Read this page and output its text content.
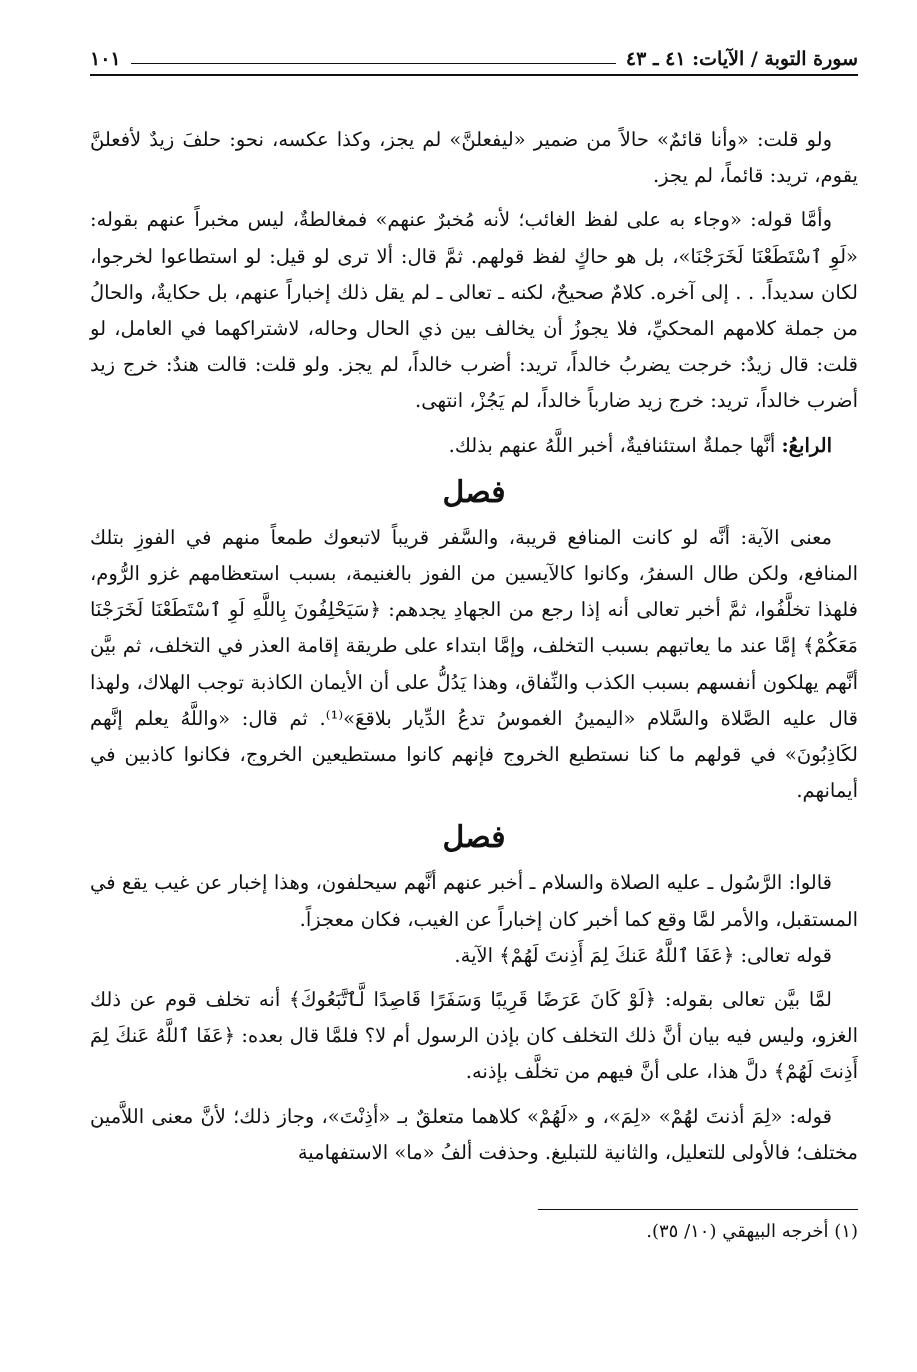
سورة التوبة / الآيات: ٤١ ـ ٤٣
١٠١

ولو قلت: «وأنا قائمٌ» حالاً من ضمير «ليفعلنَّ» لم يجز، وكذا عكسه، نحو: حلفَ زيدٌ لأفعلنَّ يقوم، تريد: قائماً، لم يجز.

وأمَّا قوله: «وجاء به على لفظ الغائب؛ لأنه مُخبرٌ عنهم» فمغالطةٌ، ليس مخبراً عنهم بقوله: «لَوِ ٱسْتَطَعْنَا لَخَرَجْنَا»، بل هو حاكٍ لفظ قولهم. ثمَّ قال: ألا ترى لو قيل: لو استطاعوا لخرجوا، لكان سديداً. . . إلى آخره. كلامٌ صحيحٌ، لكنه ـ تعالى ـ لم يقل ذلك إخباراً عنهم، بل حكايةٌ، والحالُ من جملة كلامهم المحكيِّ، فلا يجوزُ أن يخالف بين ذي الحال وحاله، لاشتراكهما في العامل، لو قلت: قال زيدٌ: خرجت يضربُ خالداً، تريد: أضرب خالداً، لم يجز. ولو قلت: قالت هندٌ: خرج زيد أضرب خالداً، تريد: خرج زيد ضارباً خالداً، لم يَجُزْ، انتهى.

الرابعُ: أنَّها جملةٌ استئنافيةٌ، أخبر اللَّهُ عنهم بذلك.

فصل

معنى الآية: أنَّه لو كانت المنافع قريبة، والسَّفر قريباً لاتبعوك طمعاً منهم في الفوزِ بتلك المنافع، ولكن طال السفرُ، وكانوا كالآيسين من الفوز بالغنيمة، بسبب استعظامهم غزو الرُّوم، فلهذا تخلَّفُوا، ثمَّ أخبر تعالى أنه إذا رجع من الجهادِ يجدهم: ﴿سَيَحْلِفُونَ بِاللَّهِ لَوِ ٱسْتَطَعْنَا لَخَرَجْنَا مَعَكُمْ﴾ إمَّا عند ما يعاتبهم بسبب التخلف، وإمَّا ابتداء على طريقة إقامة العذر في التخلف، ثم بيَّن أنَّهم يهلكون أنفسهم بسبب الكذب والنِّفاق، وهذا يَدُلُّ على أن الأيمان الكاذبة توجب الهلاك، ولهذا قال عليه الصَّلاة والسَّلام «اليمينُ الغموسُ تدعُ الدِّيار بلاقعَ»⁽¹⁾. ثم قال: «واللَّهُ يعلم إنَّهم لكَاذِبُونَ» في قولهم ما كنا نستطيع الخروج فإنهم كانوا مستطيعين الخروج، فكانوا كاذبين في أيمانهم.

فصل

قالوا: الرَّسُول ـ عليه الصلاة والسلام ـ أخبر عنهم أنَّهم سيحلفون، وهذا إخبار عن غيب يقع في المستقبل، والأمر لمَّا وقع كما أخبر كان إخباراً عن الغيب، فكان معجزاً.

قوله تعالى: ﴿عَفَا ٱللَّهُ عَنكَ لِمَ أَذِنتَ لَهُمْ﴾ الآية.

لمَّا بيَّن تعالى بقوله: ﴿لَوْ كَانَ عَرَضًا قَرِيبًا وَسَفَرًا قَاصِدًا لَّٱتَّبَعُوكَ﴾ أنه تخلف قوم عن ذلك الغزو، وليس فيه بيان أنَّ ذلك التخلف كان بإذن الرسول أم لا؟ فلمَّا قال بعده: ﴿عَفَا ٱللَّهُ عَنكَ لِمَ أَذِنتَ لَهُمْ﴾ دلَّ هذا، على أنَّ فيهم من تخلَّف بإذنه.

قوله: «لِمَ أذنتَ لهُمْ» «لِمَ»، و «لَهُمْ» كلاهما متعلقٌ بـ «أذِنْتَ»، وجاز ذلك؛ لأنَّ معنى اللاَّمين مختلف؛ فالأولى للتعليل، والثانية للتبليغ. وحذفت ألفُ «ما» الاستفهامية

(١) أخرجه البيهقي (١٠/ ٣٥).
